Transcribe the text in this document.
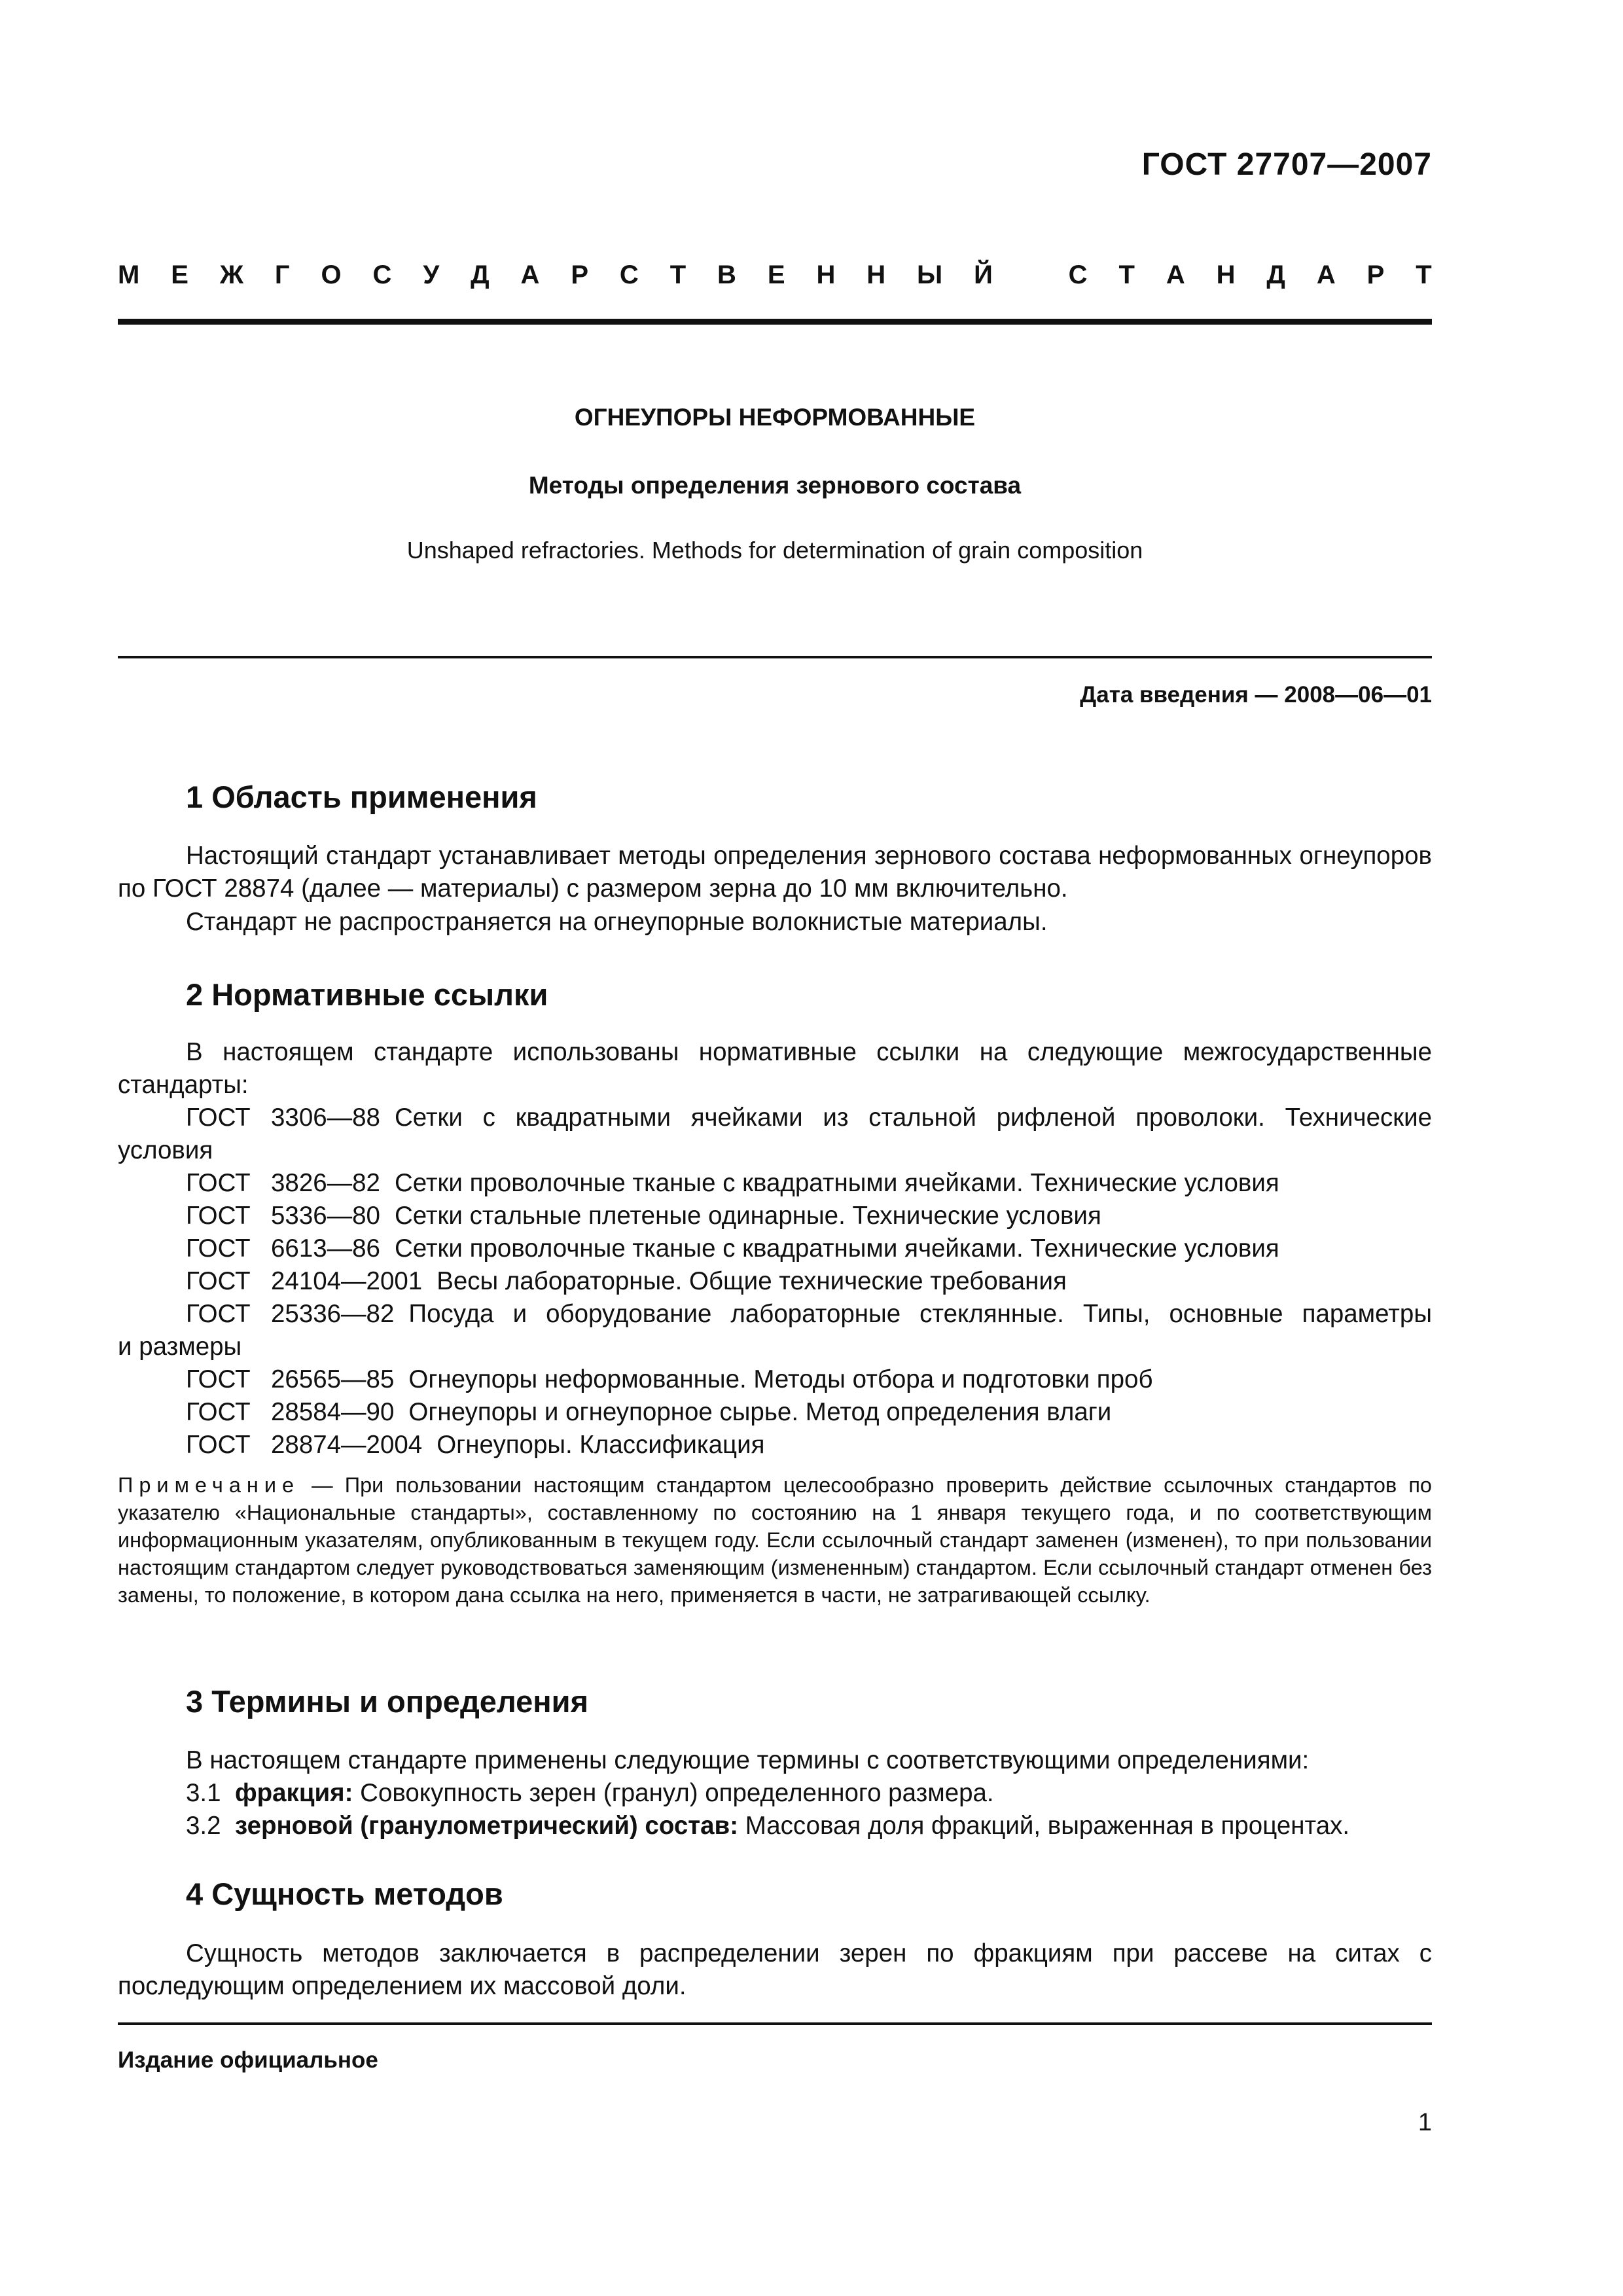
ГОСТ 27707—2007
М Е Ж Г О С У Д А Р С Т В Е Н Н Ы Й	С Т А Н Д А Р Т
ОГНЕУПОРЫ НЕФОРМОВАННЫЕ
Методы определения зернового состава
Unshaped refractories. Methods for determination of grain composition
Дата введения — 2008—06—01
1 Область применения
Настоящий стандарт устанавливает методы определения зернового состава неформованных огнеупоров по ГОСТ 28874 (далее — материалы) с размером зерна до 10 мм включительно.
Стандарт не распространяется на огнеупорные волокнистые материалы.
2 Нормативные ссылки
В настоящем стандарте использованы нормативные ссылки на следующие межгосударственные стандарты:
ГОСТ 3306—88 Сетки с квадратными ячейками из стальной рифленой проволоки. Технические
условия
ГОСТ 3826—82 Сетки проволочные тканые с квадратными ячейками. Технические условия
ГОСТ 5336—80 Сетки стальные плетеные одинарные. Технические условия
ГОСТ 6613—86 Сетки проволочные тканые с квадратными ячейками. Технические условия
ГОСТ 24104—2001 Весы лабораторные. Общие технические требования
ГОСТ 25336—82 Посуда и оборудование лабораторные стеклянные. Типы, основные параметры
и размеры
ГОСТ 26565—85 Огнеупоры неформованные. Методы отбора и подготовки проб
ГОСТ 28584—90 Огнеупоры и огнеупорное сырье. Метод определения влаги
ГОСТ 28874—2004 Огнеупоры. Классификация
Примечание — При пользовании настоящим стандартом целесообразно проверить действие ссылочных стандартов по указателю «Национальные стандарты», составленному по состоянию на 1 января текущего года, и по соответствующим информационным указателям, опубликованным в текущем году. Если ссылочный стандарт заменен (изменен), то при пользовании настоящим стандартом следует руководствоваться заменяющим (измененным) стандартом. Если ссылочный стандарт отменен без замены, то положение, в котором дана ссылка на него, применяется в части, не затрагивающей ссылку.
3 Термины и определения
В настоящем стандарте применены следующие термины с соответствующими определениями:
3.1 фракция: Совокупность зерен (гранул) определенного размера.
3.2 зерновой (гранулометрический) состав: Массовая доля фракций, выраженная в процентах.
4 Сущность методов
Сущность методов заключается в распределении зерен по фракциям при рассеве на ситах с последующим определением их массовой доли.
Издание официальное
1
